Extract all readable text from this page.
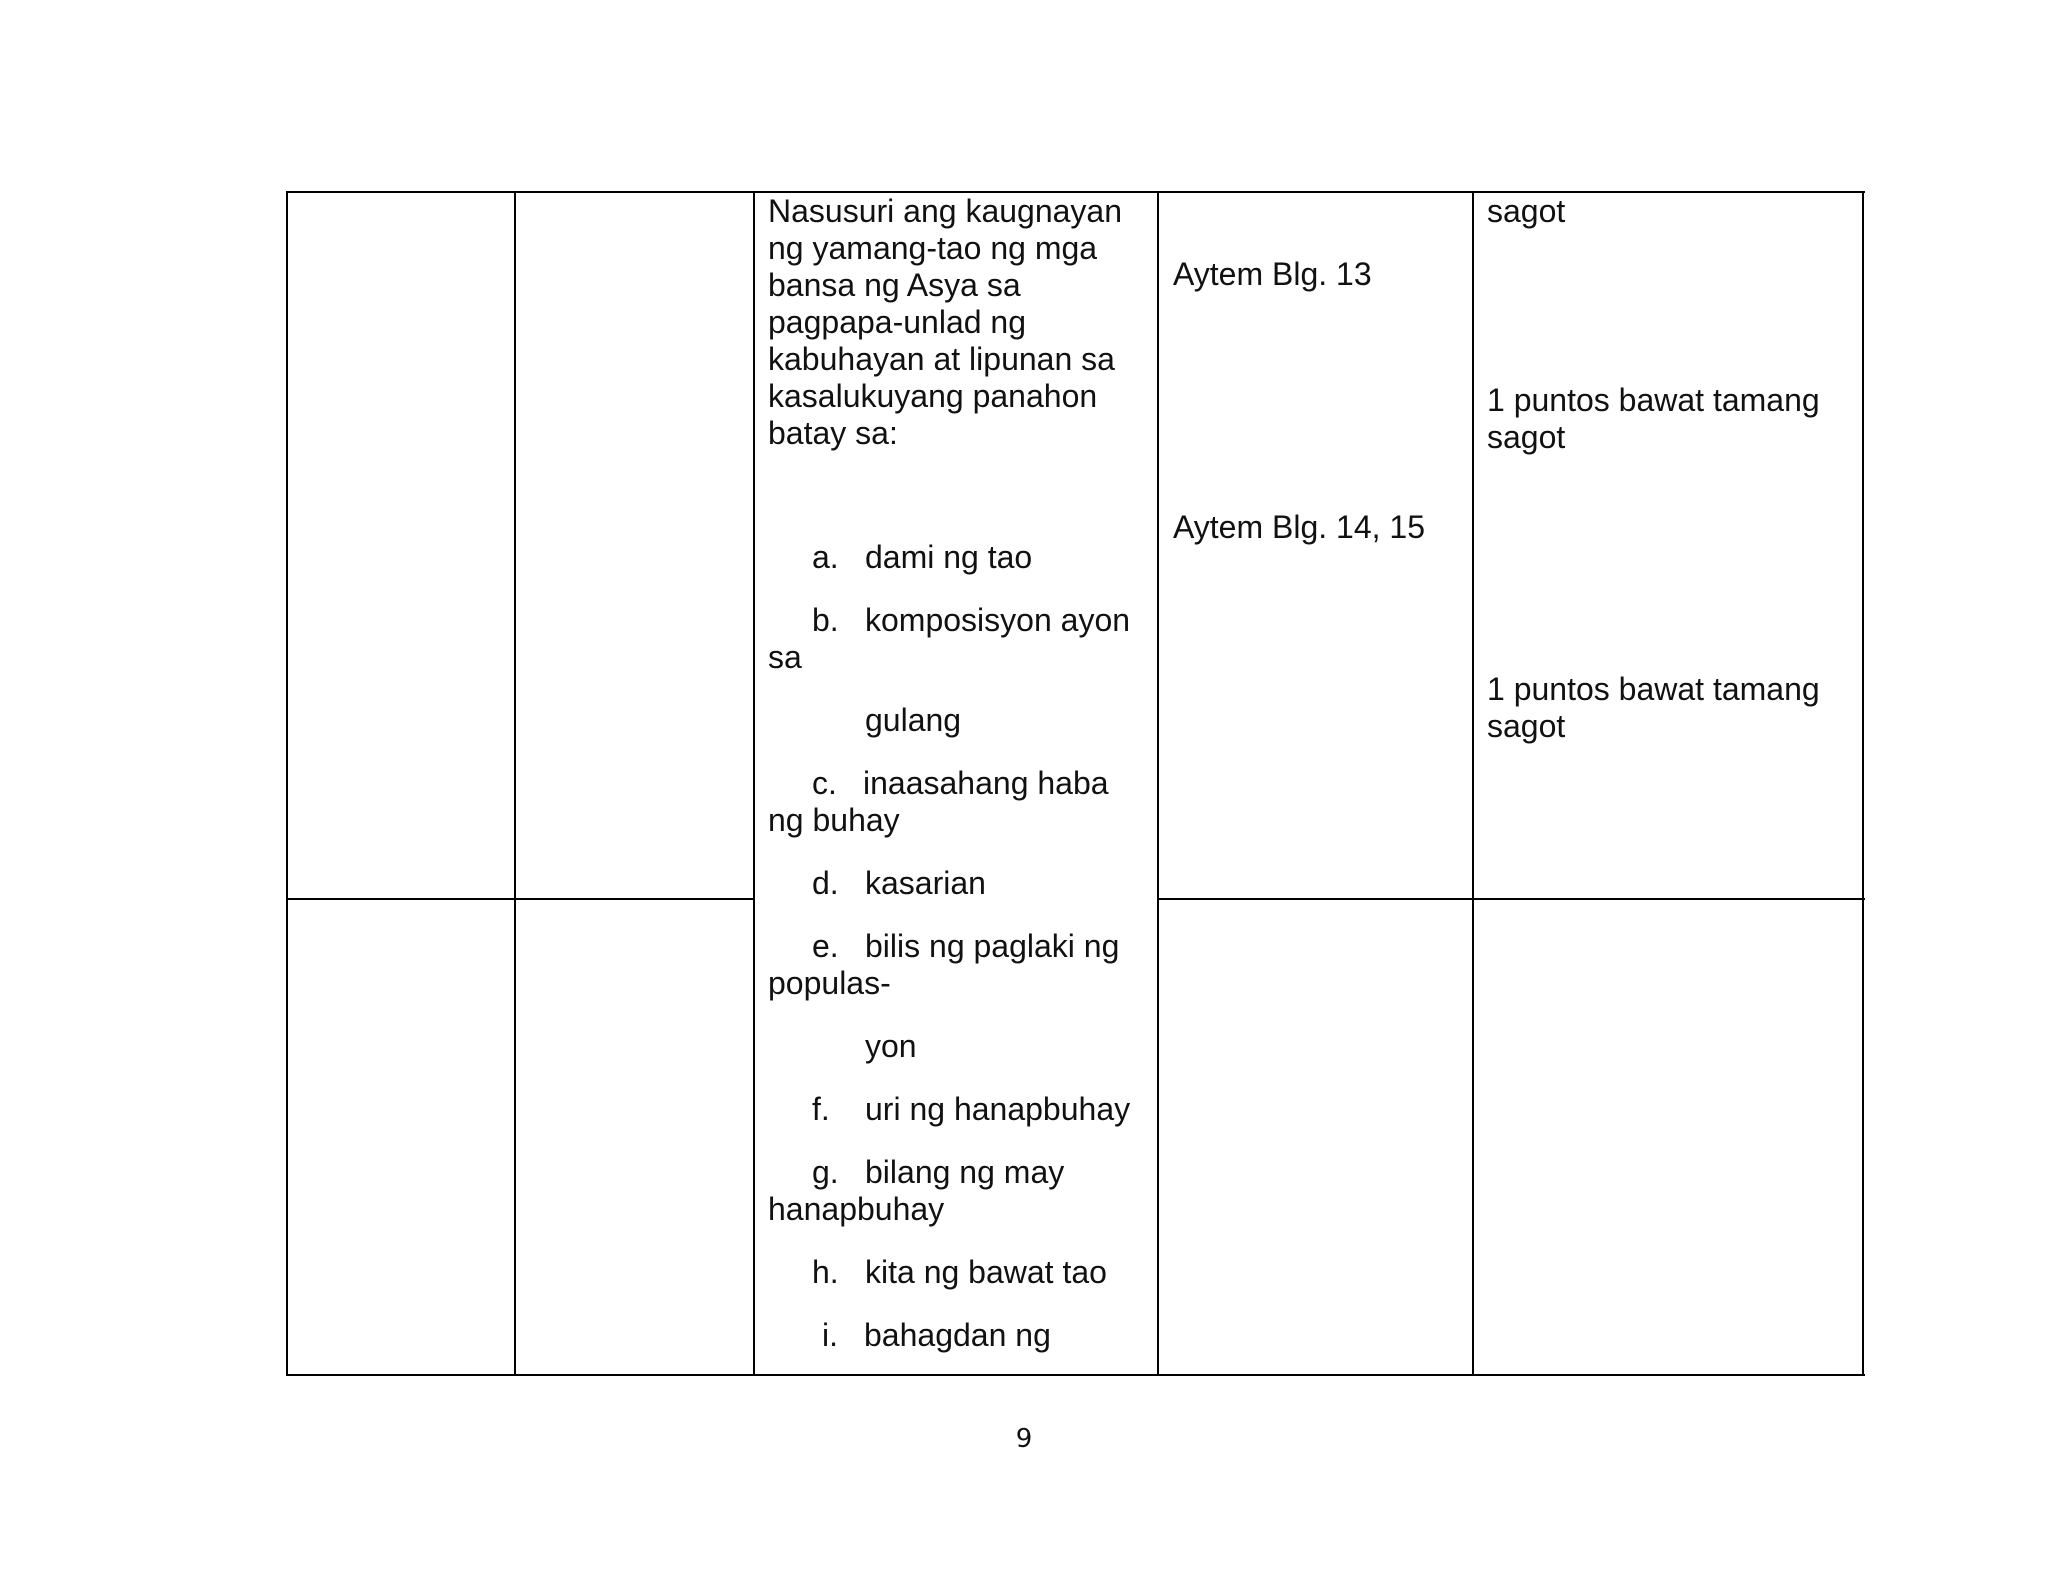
Nasusuri ang kaugnayan

ng yamang-tao ng mga

bansa ng Asya sa

pagpapa-unlad ng

kabuhayan at lipunan sa

kasalukuyang panahon

batay sa:

a. dami ng tao

b. komposisyon ayon

sa

gulang

c. inaasahang haba

ng buhay

d. kasarian

e. bilis ng paglaki ng

populas-

yon

f. uri ng hanapbuhay

g. bilang ng may

hanapbuhay

h. kita ng bawat tao

i. bahagdan ng

Aytem Blg. 13

Aytem Blg. 14, 15

sagot

1 puntos bawat tamang

sagot

1 puntos bawat tamang

sagot

9
